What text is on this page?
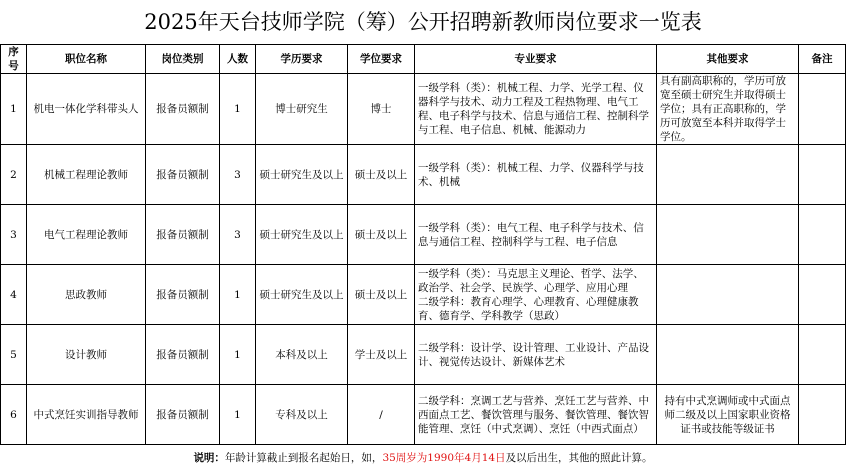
2025年天台技师学院（筹）公开招聘新教师岗位要求一览表
序号	职位名称	岗位类别	人数	学历要求	学位要求	专业要求	其他要求	备注
1	机电一体化学科带头人	报备员额制	1	博士研究生	博士	一级学科（类）：机械工程、力学、光学工程、仪器科学与技术、动力工程及工程热物理、电气工程、电子科学与技术、信息与通信工程、控制科学与工程、电子信息、机械、能源动力	具有副高职称的，学历可放宽至硕士研究生并取得硕士学位；具有正高职称的，学历可放宽至本科并取得学士学位。	
2	机械工程理论教师	报备员额制	3	硕士研究生及以上	硕士及以上	一级学科（类）：机械工程、力学、仪器科学与技术、机械		
3	电气工程理论教师	报备员额制	3	硕士研究生及以上	硕士及以上	一级学科（类）：电气工程、电子科学与技术、信息与通信工程、控制科学与工程、电子信息		
4	思政教师	报备员额制	1	硕士研究生及以上	硕士及以上	一级学科（类）：马克思主义理论、哲学、法学、政治学、社会学、民族学、心理学、应用心理
二级学科：教育心理学、心理教育、心理健康教育、德育学、学科教学（思政）		
5	设计教师	报备员额制	1	本科及以上	学士及以上	二级学科：设计学、设计管理、工业设计、产品设计、视觉传达设计、新媒体艺术		
6	中式烹饪实训指导教师	报备员额制	1	专科及以上	/	二级学科：烹调工艺与营养、烹饪工艺与营养、中西面点工艺、餐饮管理与服务、餐饮管理、餐饮智能管理、烹饪（中式烹调）、烹饪（中西式面点）	持有中式烹调师或中式面点师二级及以上国家职业资格证书或技能等级证书	
说明：年龄计算截止到报名起始日，如，35周岁为1990年4月14日及以后出生，其他的照此计算。
